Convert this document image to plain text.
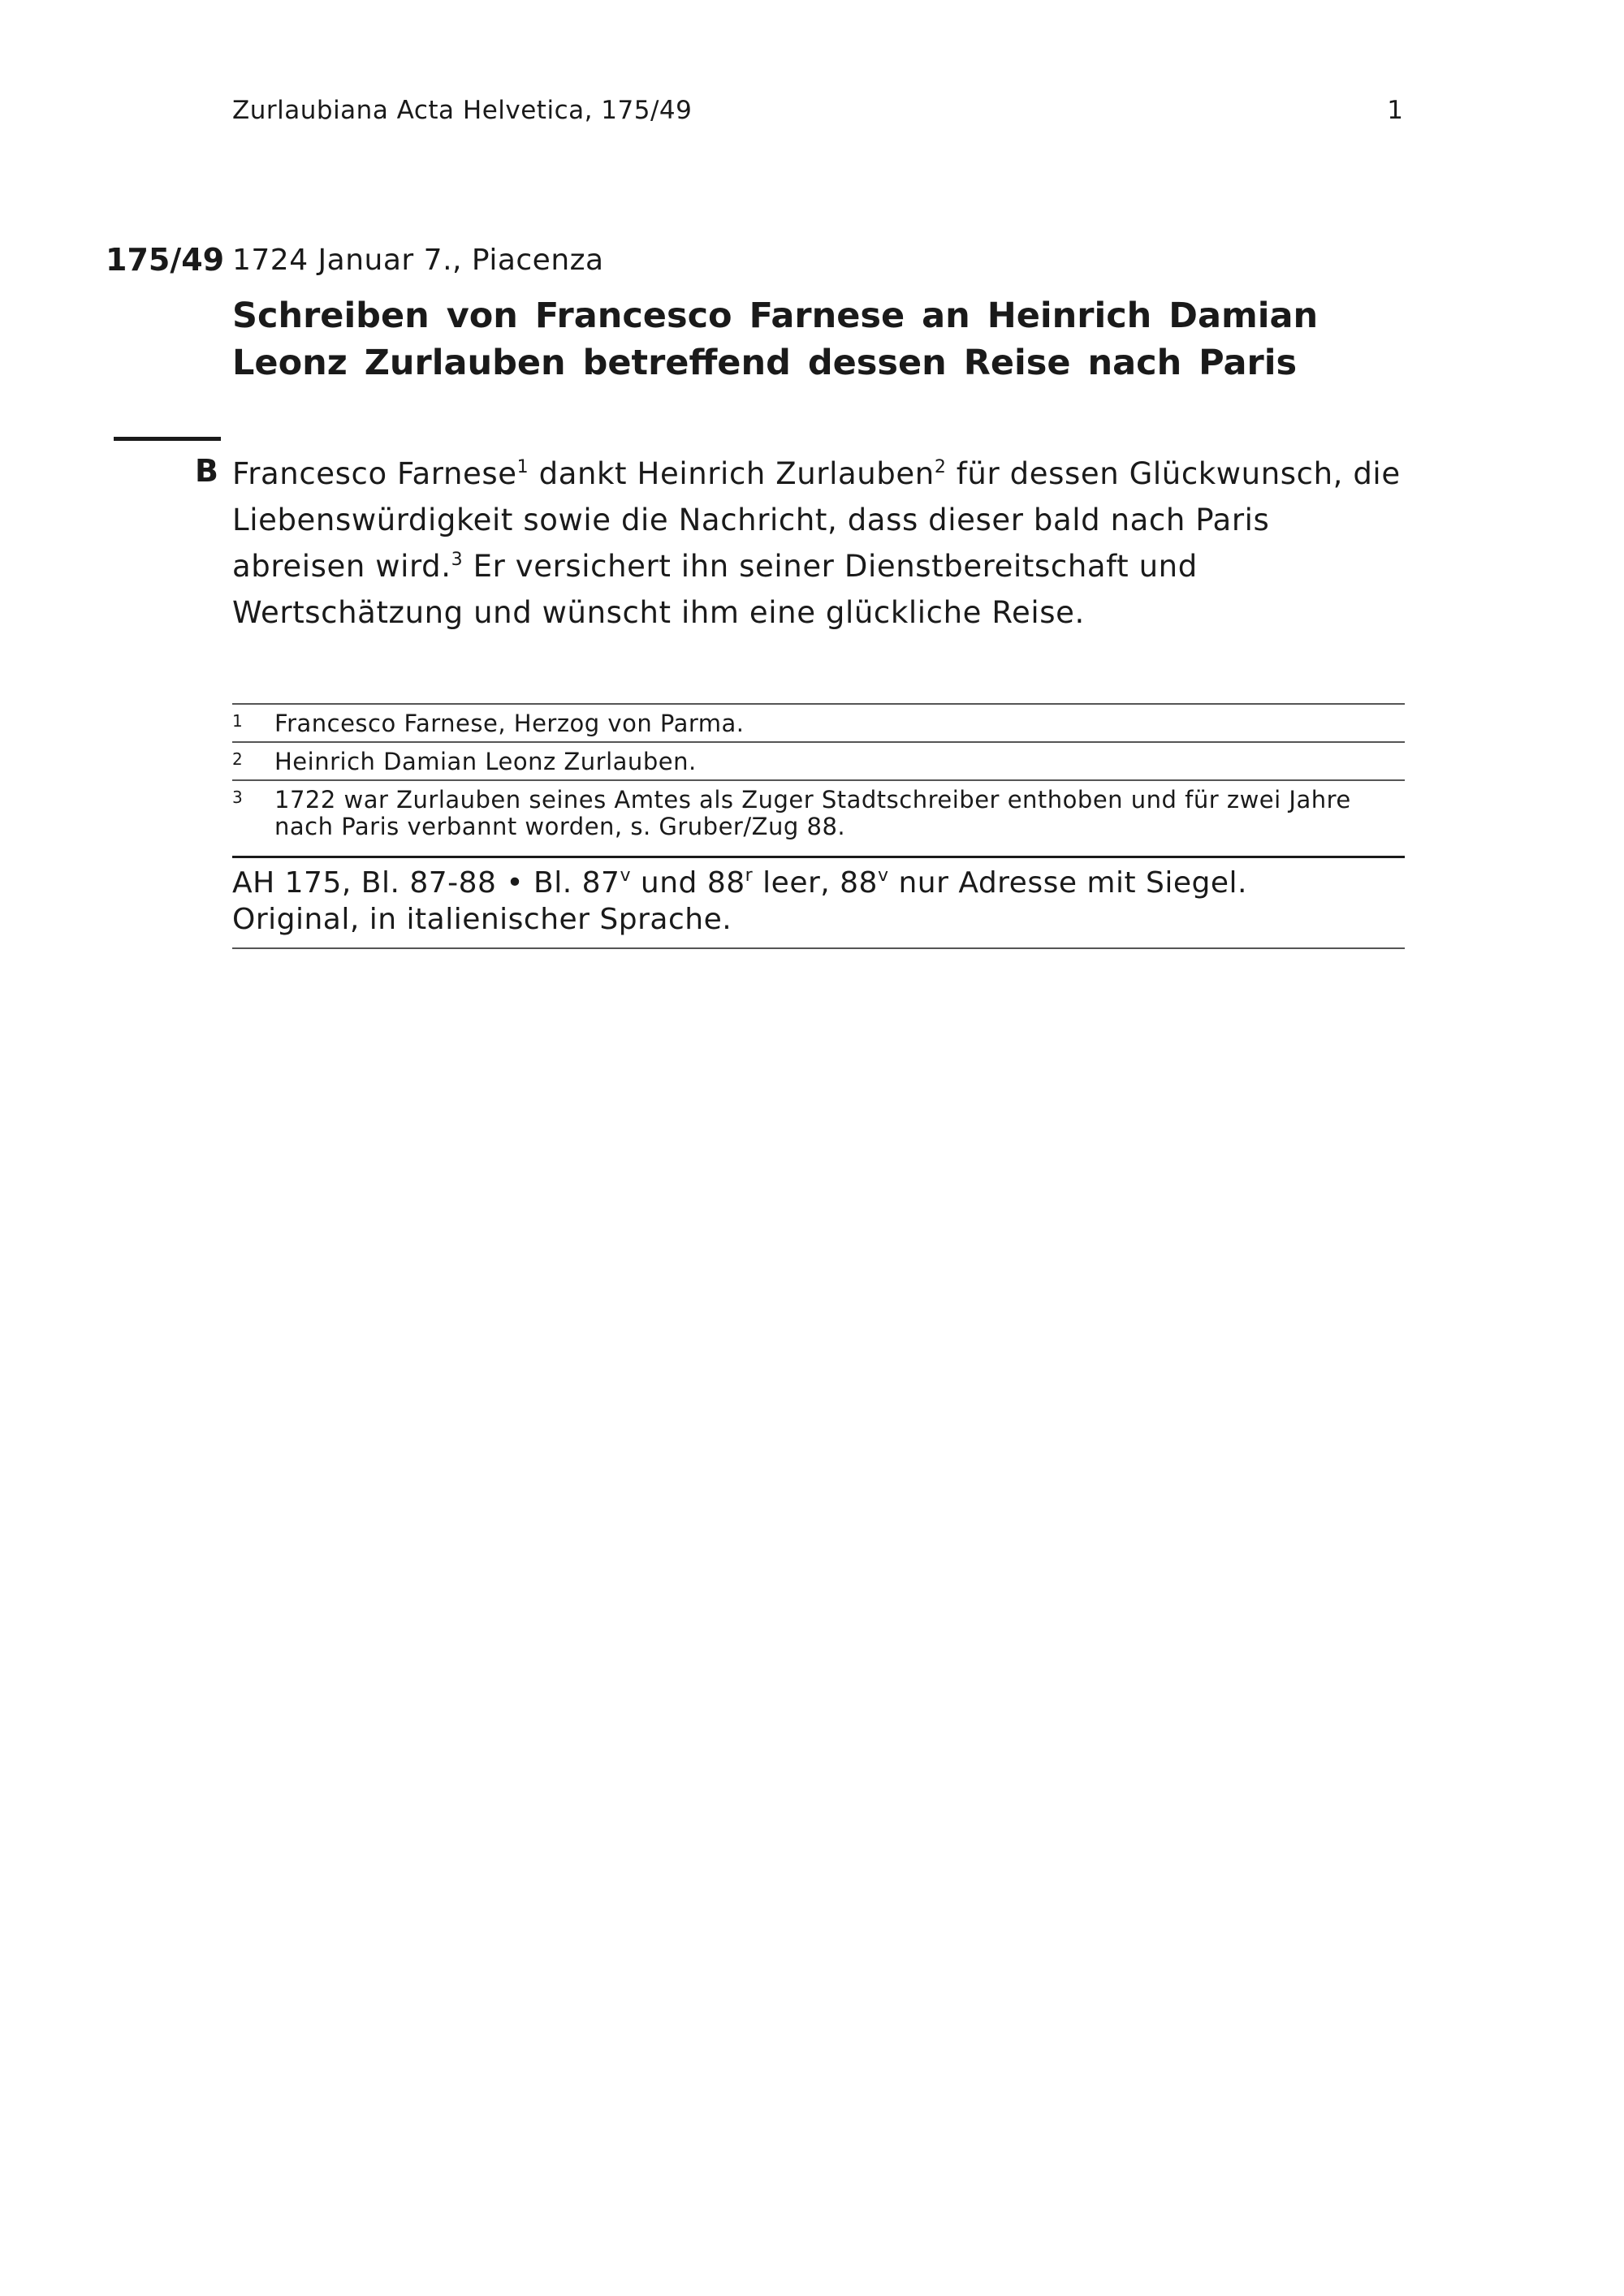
Zurlaubiana Acta Helvetica, 175/49	1
175/49 1724 Januar 7., Piacenza
Schreiben von Francesco Farnese an Heinrich Damian Leonz Zurlauben betreffend dessen Reise nach Paris
B Francesco Farnese$^1$ dankt Heinrich Zurlauben$^2$ für dessen Glückwunsch, die Liebenswürdigkeit sowie die Nachricht, dass dieser bald nach Paris abreisen wird.$^3$ Er versichert ihn seiner Dienstbereitschaft und Wertschätzung und wünscht ihm eine glückliche Reise.
1 Francesco Farnese, Herzog von Parma.
2 Heinrich Damian Leonz Zurlauben.
3 1722 war Zurlauben seines Amtes als Zuger Stadtschreiber enthoben und für zwei Jahre nach Paris verbannt worden, s. Gruber/Zug 88.
AH 175, Bl. 87-88 • Bl. 87$^v$ und 88$^r$ leer, 88$^v$ nur Adresse mit Siegel.
Original, in italienischer Sprache.
